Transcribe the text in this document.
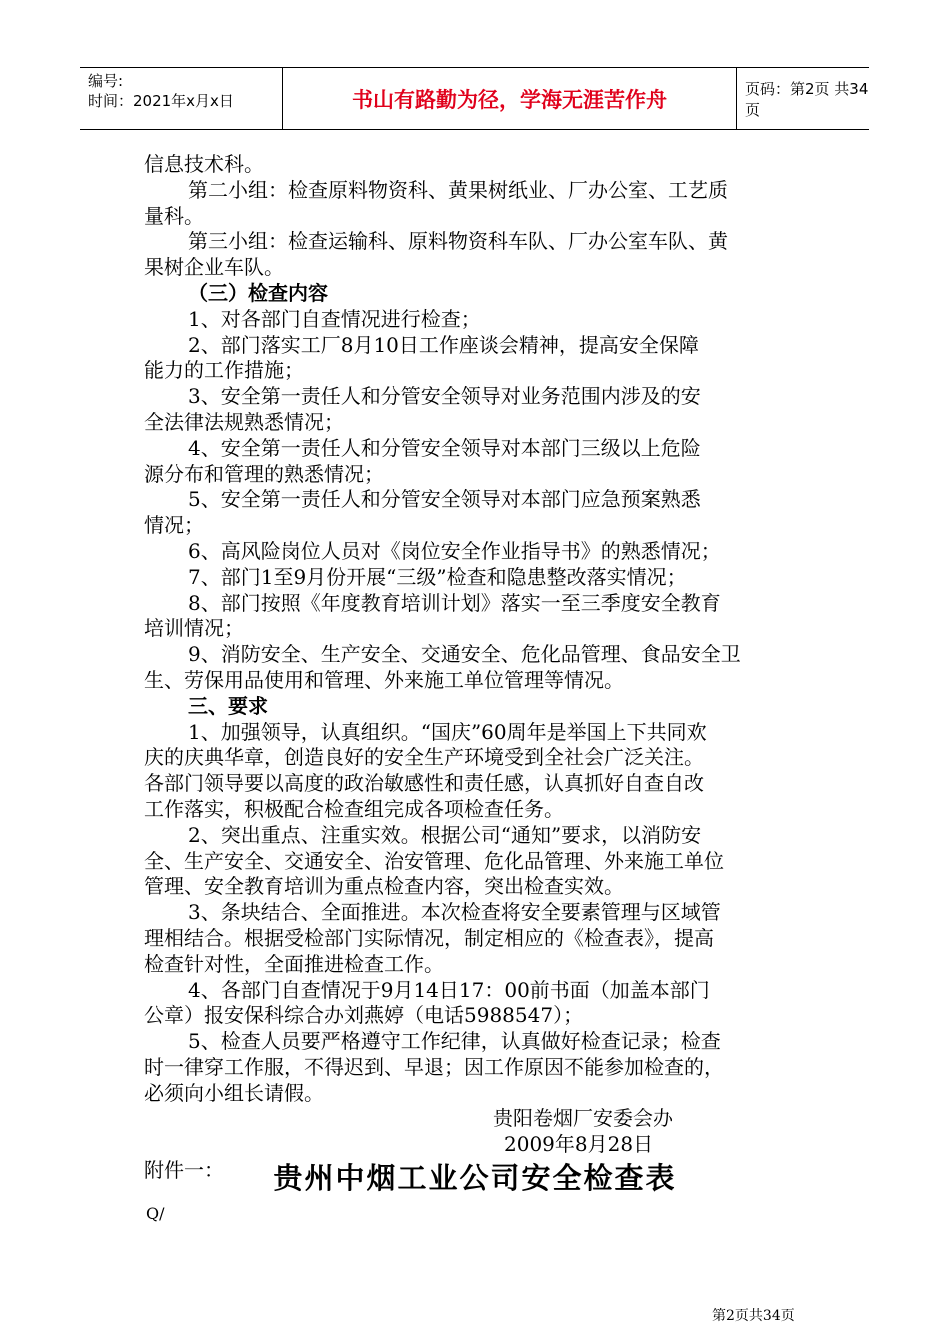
编号:
时间：2021年x月x日	书山有路勤为径，学海无涯苦作舟	页码：第2页 共34页
信息技术科。
第二小组：检查原料物资科、黄果树纸业、厂办公室、工艺质
量科。
第三小组：检查运输科、原料物资科车队、厂办公室车队、黄
果树企业车队。
（三）检查内容
1、对各部门自查情况进行检查；
2、部门落实工厂8月10日工作座谈会精神，提高安全保障
能力的工作措施；
3、安全第一责任人和分管安全领导对业务范围内涉及的安
全法律法规熟悉情况；
4、安全第一责任人和分管安全领导对本部门三级以上危险
源分布和管理的熟悉情况；
5、安全第一责任人和分管安全领导对本部门应急预案熟悉
情况；
6、高风险岗位人员对《岗位安全作业指导书》的熟悉情况；
7、部门1至9月份开展“三级”检查和隐患整改落实情况；
8、部门按照《年度教育培训计划》落实一至三季度安全教育
培训情况；
9、消防安全、生产安全、交通安全、危化品管理、食品安全卫
生、劳保用品使用和管理、外来施工单位管理等情况。
三、要求
1、加强领导，认真组织。“国庆”60周年是举国上下共同欢
庆的庆典华章，创造良好的安全生产环境受到全社会广泛关注。
各部门领导要以高度的政治敏感性和责任感，认真抓好自查自改
工作落实，积极配合检查组完成各项检查任务。
2、突出重点、注重实效。根据公司“通知”要求，以消防安
全、生产安全、交通安全、治安管理、危化品管理、外来施工单位
管理、安全教育培训为重点检查内容，突出检查实效。
3、条块结合、全面推进。本次检查将安全要素管理与区域管
理相结合。根据受检部门实际情况，制定相应的《检查表》，提高
检查针对性，全面推进检查工作。
4、各部门自查情况于9月14日17：00前书面（加盖本部门
公章）报安保科综合办刘燕婷（电话5988547）；
5、检查人员要严格遵守工作纪律，认真做好检查记录；检查
时一律穿工作服，不得迟到、早退；因工作原因不能参加检查的，
必须向小组长请假。
贵阳卷烟厂安委会办
2009年8月28日
附件一：	贵州中烟工业公司安全检查表
Q/
第2页共34页
